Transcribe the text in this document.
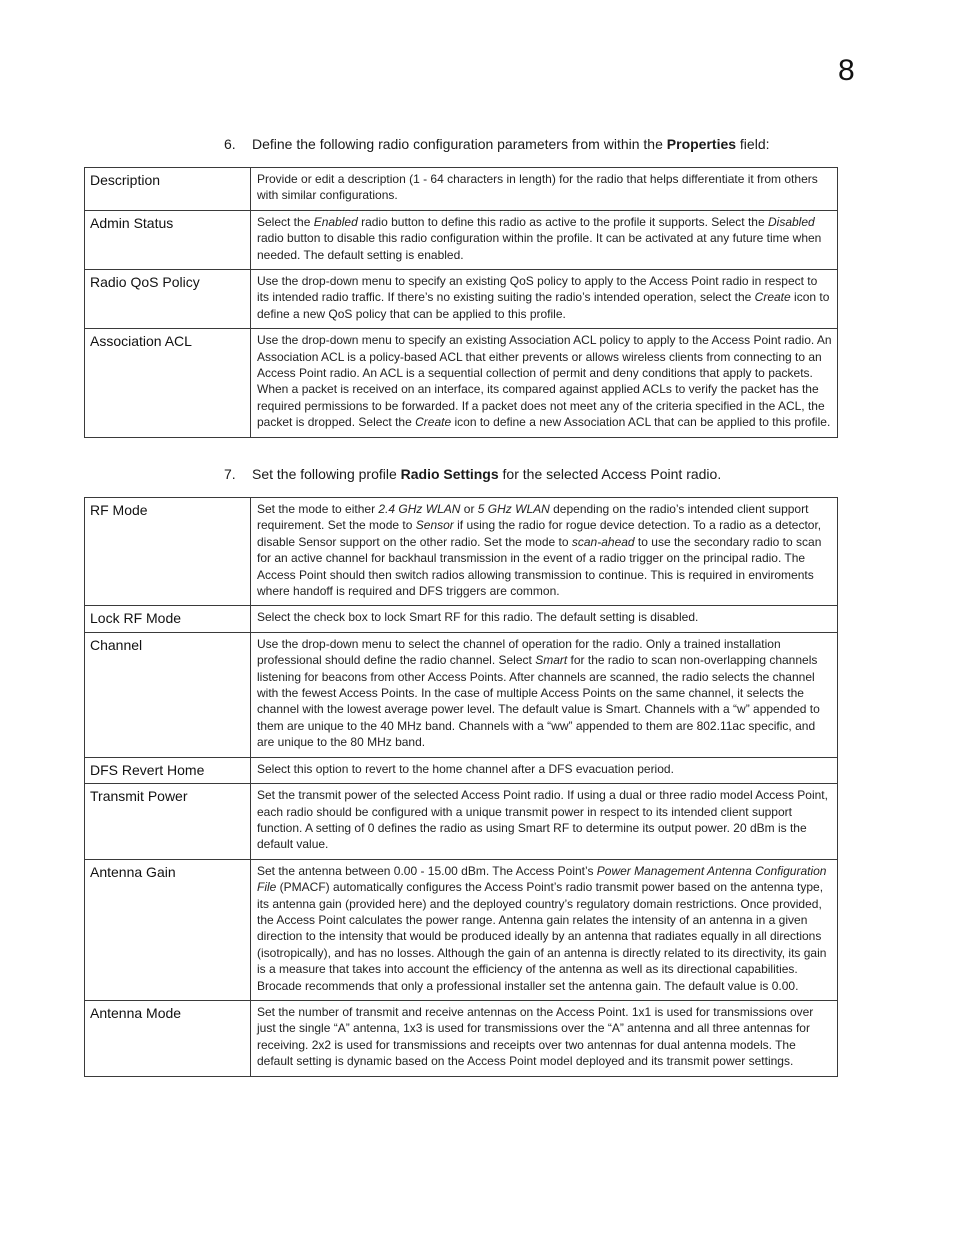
8
6. Define the following radio configuration parameters from within the Properties field:
Description	Provide or edit a description (1 - 64 characters in length) for the radio that helps differentiate it from others with similar configurations.
Admin Status	Select the Enabled radio button to define this radio as active to the profile it supports. Select the Disabled radio button to disable this radio configuration within the profile. It can be activated at any future time when needed. The default setting is enabled.
Radio QoS Policy	Use the drop-down menu to specify an existing QoS policy to apply to the Access Point radio in respect to its intended radio traffic. If there’s no existing suiting the radio’s intended operation, select the Create icon to define a new QoS policy that can be applied to this profile.
Association ACL	Use the drop-down menu to specify an existing Association ACL policy to apply to the Access Point radio. An Association ACL is a policy-based ACL that either prevents or allows wireless clients from connecting to an Access Point radio. An ACL is a sequential collection of permit and deny conditions that apply to packets. When a packet is received on an interface, its compared against applied ACLs to verify the packet has the required permissions to be forwarded. If a packet does not meet any of the criteria specified in the ACL, the packet is dropped. Select the Create icon to define a new Association ACL that can be applied to this profile.
7. Set the following profile Radio Settings for the selected Access Point radio.
RF Mode	Set the mode to either 2.4 GHz WLAN or 5 GHz WLAN depending on the radio’s intended client support requirement. Set the mode to Sensor if using the radio for rogue device detection. To a radio as a detector, disable Sensor support on the other radio. Set the mode to scan-ahead to use the secondary radio to scan for an active channel for backhaul transmission in the event of a radio trigger on the principal radio. The Access Point should then switch radios allowing transmission to continue. This is required in enviroments where handoff is required and DFS triggers are common.
Lock RF Mode	Select the check box to lock Smart RF for this radio. The default setting is disabled.
Channel	Use the drop-down menu to select the channel of operation for the radio. Only a trained installation professional should define the radio channel. Select Smart for the radio to scan non-overlapping channels listening for beacons from other Access Points. After channels are scanned, the radio selects the channel with the fewest Access Points. In the case of multiple Access Points on the same channel, it selects the channel with the lowest average power level. The default value is Smart. Channels with a “w” appended to them are unique to the 40 MHz band. Channels with a “ww” appended to them are 802.11ac specific, and are unique to the 80 MHz band.
DFS Revert Home	Select this option to revert to the home channel after a DFS evacuation period.
Transmit Power	Set the transmit power of the selected Access Point radio. If using a dual or three radio model Access Point, each radio should be configured with a unique transmit power in respect to its intended client support function. A setting of 0 defines the radio as using Smart RF to determine its output power. 20 dBm is the default value.
Antenna Gain	Set the antenna between 0.00 - 15.00 dBm. The Access Point’s Power Management Antenna Configuration File (PMACF) automatically configures the Access Point’s radio transmit power based on the antenna type, its antenna gain (provided here) and the deployed country’s regulatory domain restrictions. Once provided, the Access Point calculates the power range. Antenna gain relates the intensity of an antenna in a given direction to the intensity that would be produced ideally by an antenna that radiates equally in all directions (isotropically), and has no losses. Although the gain of an antenna is directly related to its directivity, its gain is a measure that takes into account the efficiency of the antenna as well as its directional capabilities. Brocade recommends that only a professional installer set the antenna gain. The default value is 0.00.
Antenna Mode	Set the number of transmit and receive antennas on the Access Point. 1x1 is used for transmissions over just the single “A” antenna, 1x3 is used for transmissions over the “A” antenna and all three antennas for receiving. 2x2 is used for transmissions and receipts over two antennas for dual antenna models. The default setting is dynamic based on the Access Point model deployed and its transmit power settings.
